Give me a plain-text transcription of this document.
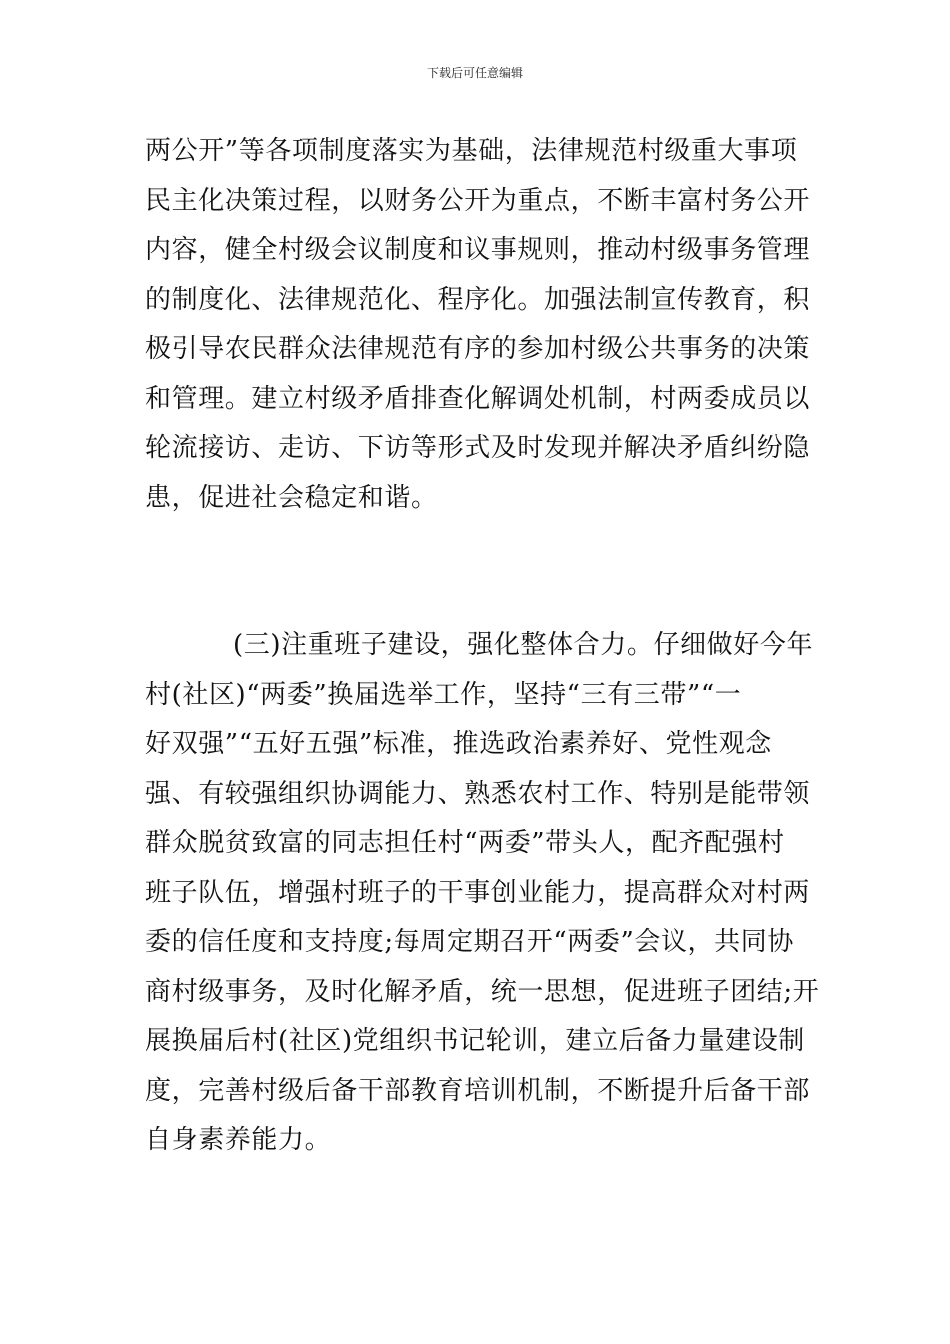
下载后可任意编辑
两公开”等各项制度落实为基础，法律规范村级重大事项
民主化决策过程，以财务公开为重点，不断丰富村务公开
内容，健全村级会议制度和议事规则，推动村级事务管理
的制度化、法律规范化、程序化。加强法制宣传教育，积
极引导农民群众法律规范有序的参加村级公共事务的决策
和管理。建立村级矛盾排查化解调处机制，村两委成员以
轮流接访、走访、下访等形式及时发现并解决矛盾纠纷隐
患，促进社会稳定和谐。
(三)注重班子建设，强化整体合力。仔细做好今年
村(社区)“两委”换届选举工作，坚持“三有三带”“一
好双强”“五好五强”标准，推选政治素养好、党性观念
强、有较强组织协调能力、熟悉农村工作、特别是能带领
群众脱贫致富的同志担任村“两委”带头人，配齐配强村
班子队伍，增强村班子的干事创业能力，提高群众对村两
委的信任度和支持度;每周定期召开“两委”会议，共同协
商村级事务，及时化解矛盾，统一思想，促进班子团结;开
展换届后村(社区)党组织书记轮训，建立后备力量建设制
度，完善村级后备干部教育培训机制，不断提升后备干部
自身素养能力。
